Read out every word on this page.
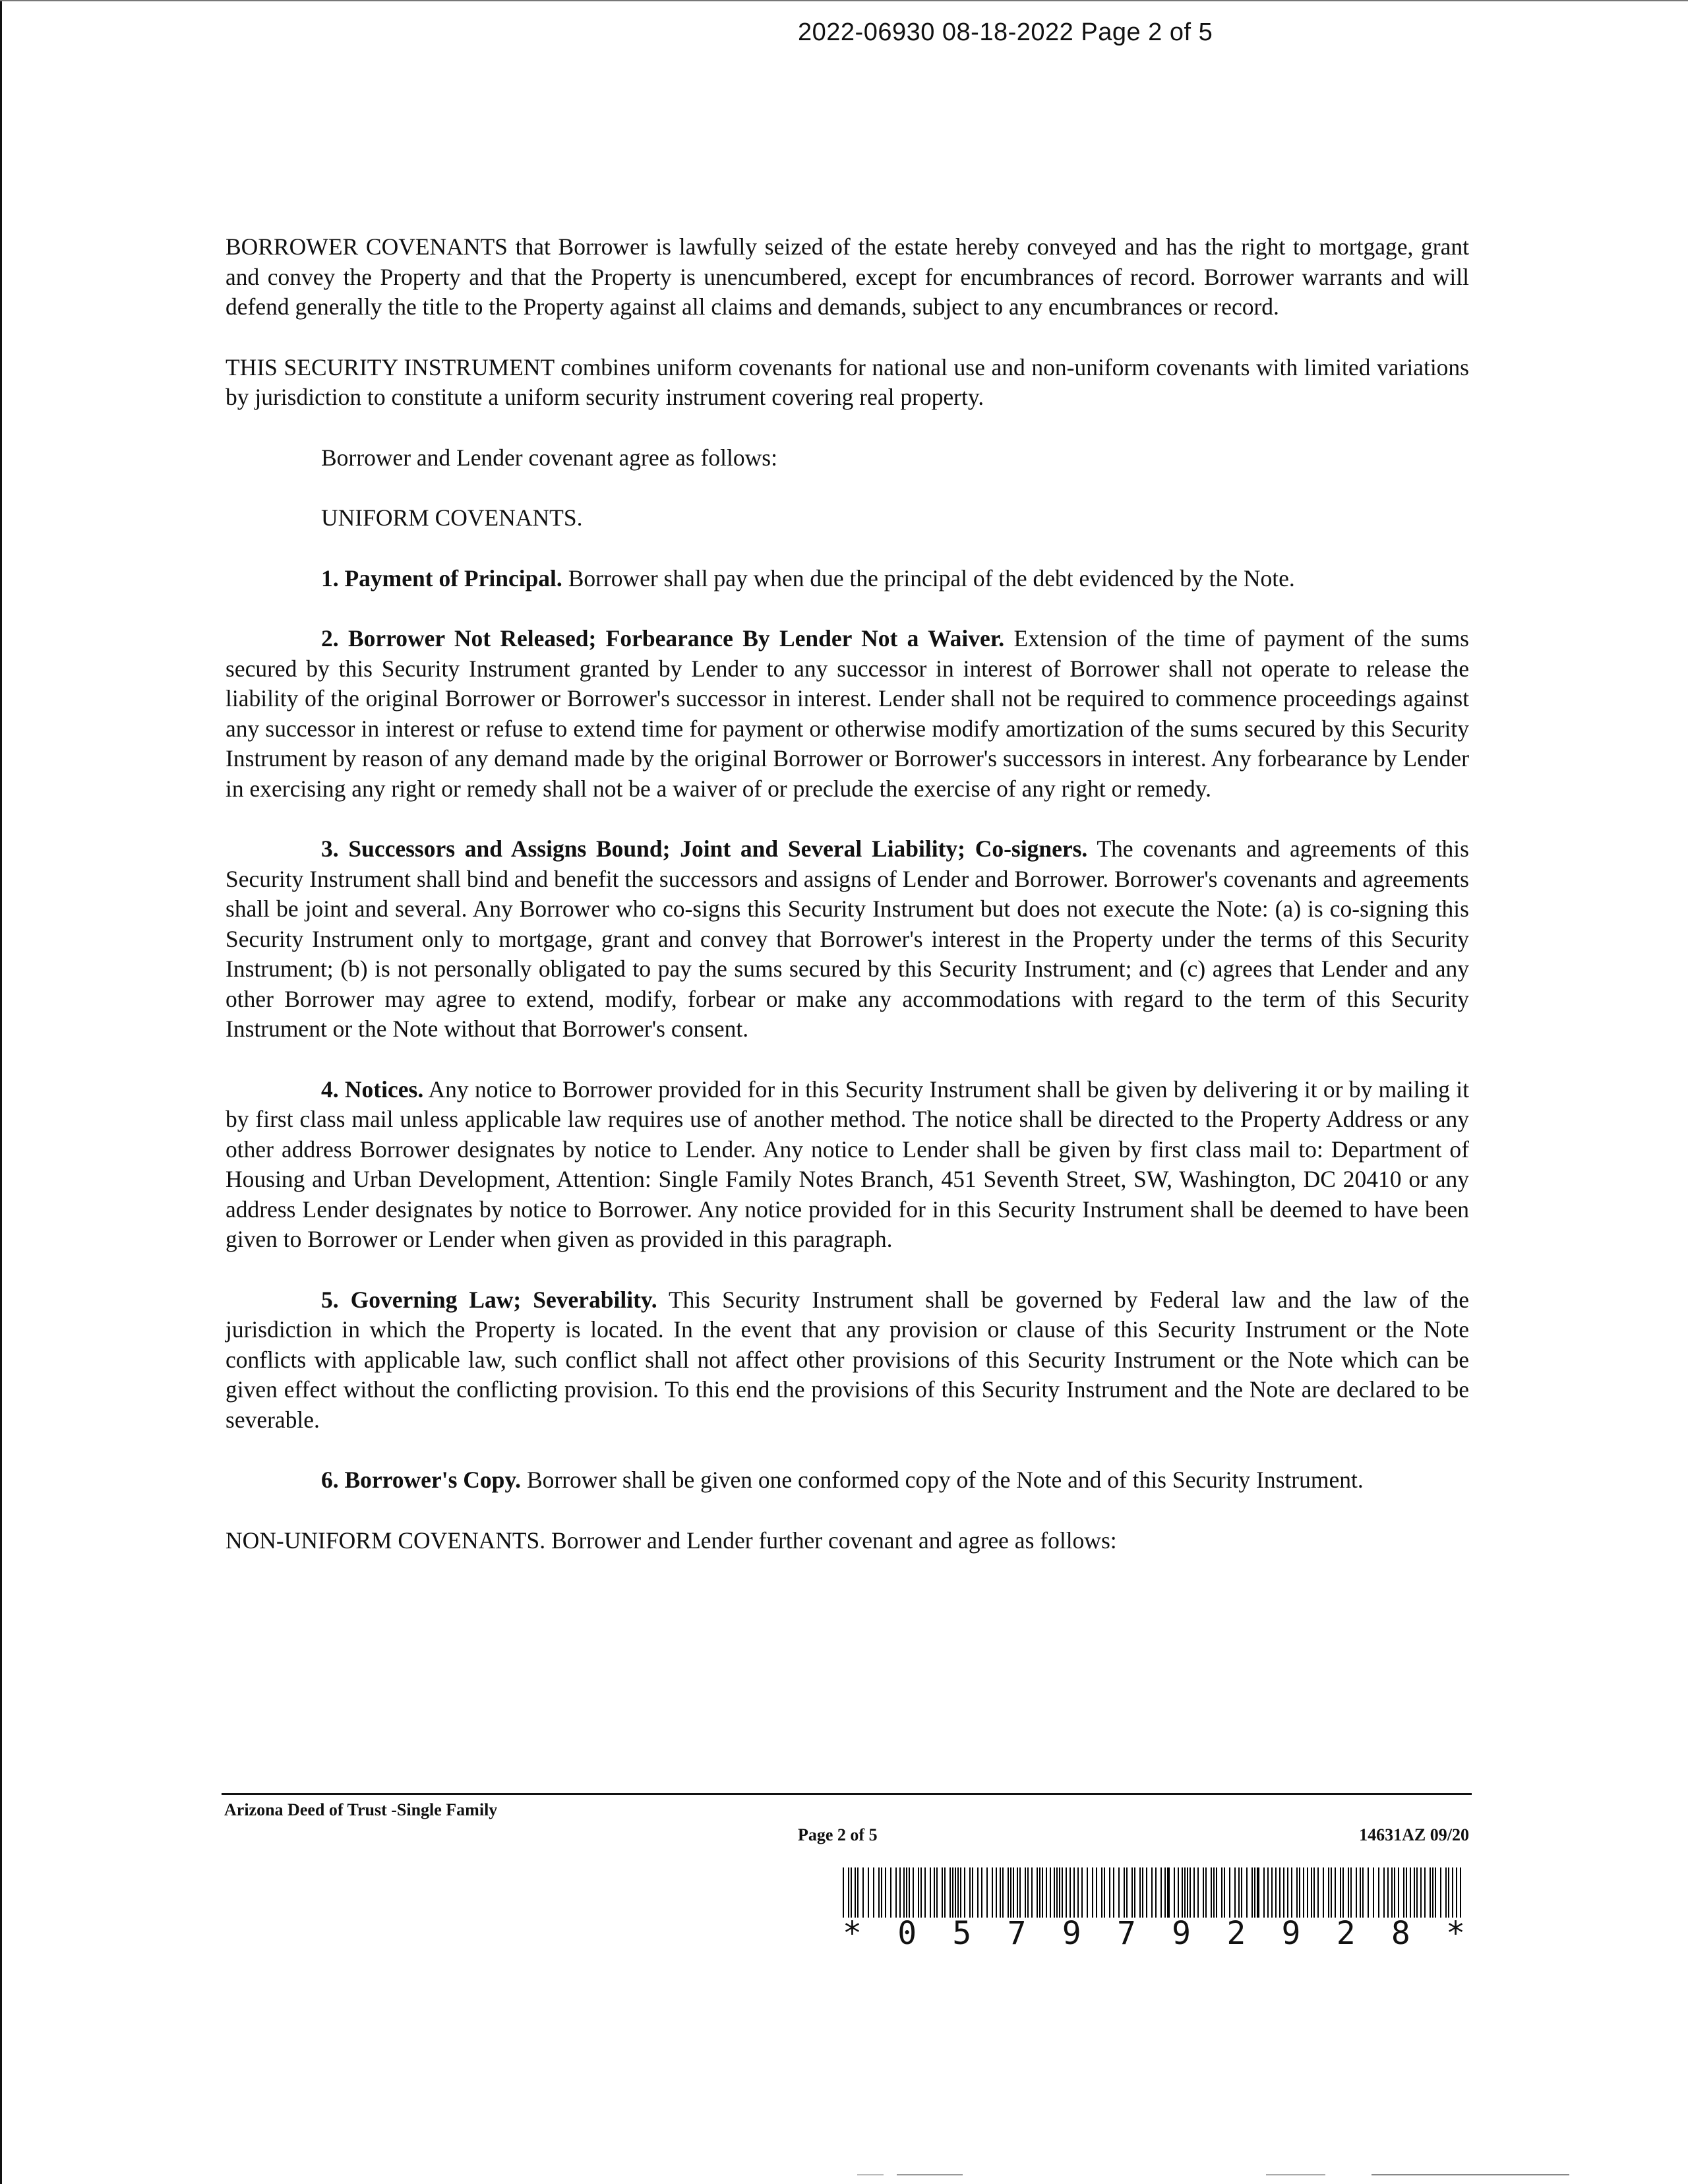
2022-06930 08-18-2022 Page 2 of 5

BORROWER COVENANTS that Borrower is lawfully seized of the estate hereby conveyed and has the right to mortgage, grant and convey the Property and that the Property is unencumbered, except for encumbrances of record. Borrower warrants and will defend generally the title to the Property against all claims and demands, subject to any encumbrances or record.

THIS SECURITY INSTRUMENT combines uniform covenants for national use and non-uniform covenants with limited variations by jurisdiction to constitute a uniform security instrument covering real property.

Borrower and Lender covenant agree as follows:

UNIFORM COVENANTS.

1. Payment of Principal. Borrower shall pay when due the principal of the debt evidenced by the Note.

2. Borrower Not Released; Forbearance By Lender Not a Waiver. Extension of the time of payment of the sums secured by this Security Instrument granted by Lender to any successor in interest of Borrower shall not operate to release the liability of the original Borrower or Borrower's successor in interest. Lender shall not be required to commence proceedings against any successor in interest or refuse to extend time for payment or otherwise modify amortization of the sums secured by this Security Instrument by reason of any demand made by the original Borrower or Borrower's successors in interest. Any forbearance by Lender in exercising any right or remedy shall not be a waiver of or preclude the exercise of any right or remedy.

3. Successors and Assigns Bound; Joint and Several Liability; Co-signers. The covenants and agreements of this Security Instrument shall bind and benefit the successors and assigns of Lender and Borrower. Borrower's covenants and agreements shall be joint and several. Any Borrower who co-signs this Security Instrument but does not execute the Note: (a) is co-signing this Security Instrument only to mortgage, grant and convey that Borrower's interest in the Property under the terms of this Security Instrument; (b) is not personally obligated to pay the sums secured by this Security Instrument; and (c) agrees that Lender and any other Borrower may agree to extend, modify, forbear or make any accommodations with regard to the term of this Security Instrument or the Note without that Borrower's consent.

4. Notices. Any notice to Borrower provided for in this Security Instrument shall be given by delivering it or by mailing it by first class mail unless applicable law requires use of another method. The notice shall be directed to the Property Address or any other address Borrower designates by notice to Lender. Any notice to Lender shall be given by first class mail to: Department of Housing and Urban Development, Attention: Single Family Notes Branch, 451 Seventh Street, SW, Washington, DC 20410 or any address Lender designates by notice to Borrower. Any notice provided for in this Security Instrument shall be deemed to have been given to Borrower or Lender when given as provided in this paragraph.

5. Governing Law; Severability. This Security Instrument shall be governed by Federal law and the law of the jurisdiction in which the Property is located. In the event that any provision or clause of this Security Instrument or the Note conflicts with applicable law, such conflict shall not affect other provisions of this Security Instrument or the Note which can be given effect without the conflicting provision. To this end the provisions of this Security Instrument and the Note are declared to be severable.

6. Borrower's Copy. Borrower shall be given one conformed copy of the Note and of this Security Instrument.

NON-UNIFORM COVENANTS. Borrower and Lender further covenant and agree as follows:

Arizona Deed of Trust -Single Family
Page 2 of 5	14631AZ 09/20
* 0 5 7 9 7 9 2 9 2 8 *
